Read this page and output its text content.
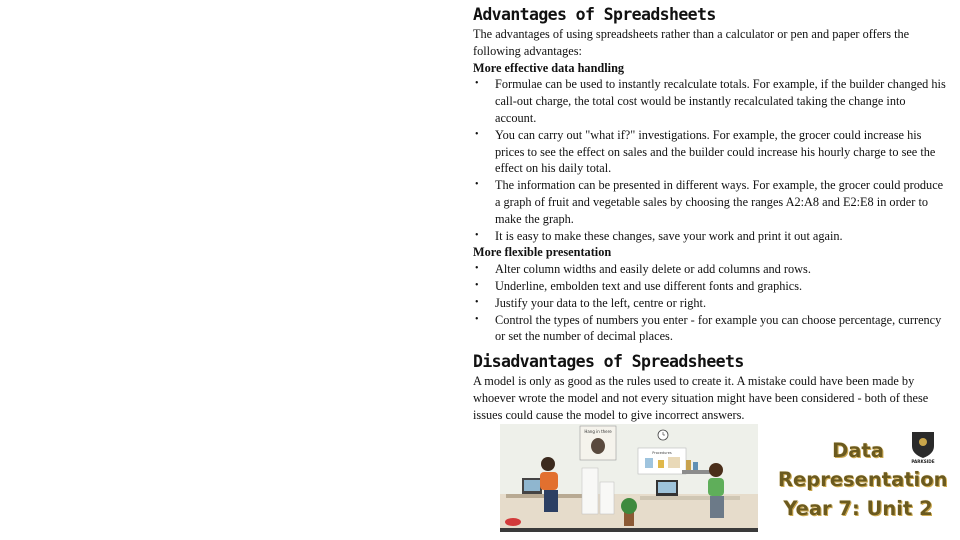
Advantages of Spreadsheets

The advantages of using spreadsheets rather than a calculator or pen and paper offers the following advantages:

More effective data handling

• Formulae can be used to instantly recalculate totals. For example, if the builder changed his call-out charge, the total cost would be instantly recalculated taking the change into account.
• You can carry out "what if?" investigations. For example, the grocer could increase his prices to see the effect on sales and the builder could increase his hourly charge to see the effect on his daily total.
• The information can be presented in different ways. For example, the grocer could produce a graph of fruit and vegetable sales by choosing the ranges A2:A8 and E2:E8 in order to make the graph.
• It is easy to make these changes, save your work and print it out again.

More flexible presentation

• Alter column widths and easily delete or add columns and rows.
• Underline, embolden text and use different fonts and graphics.
• Justify your data to the left, centre or right.
• Control the types of numbers you enter - for example you can choose percentage, currency or set the number of decimal places.
Disadvantages of Spreadsheets

A model is only as good as the rules used to create it. A mistake could have been made by whoever wrote the model and not every situation might have been considered - both of these issues could cause the model to give incorrect answers.

Hang in there
Procedures	Data
Representation
Year 7: Unit 2
PARKSIDE
